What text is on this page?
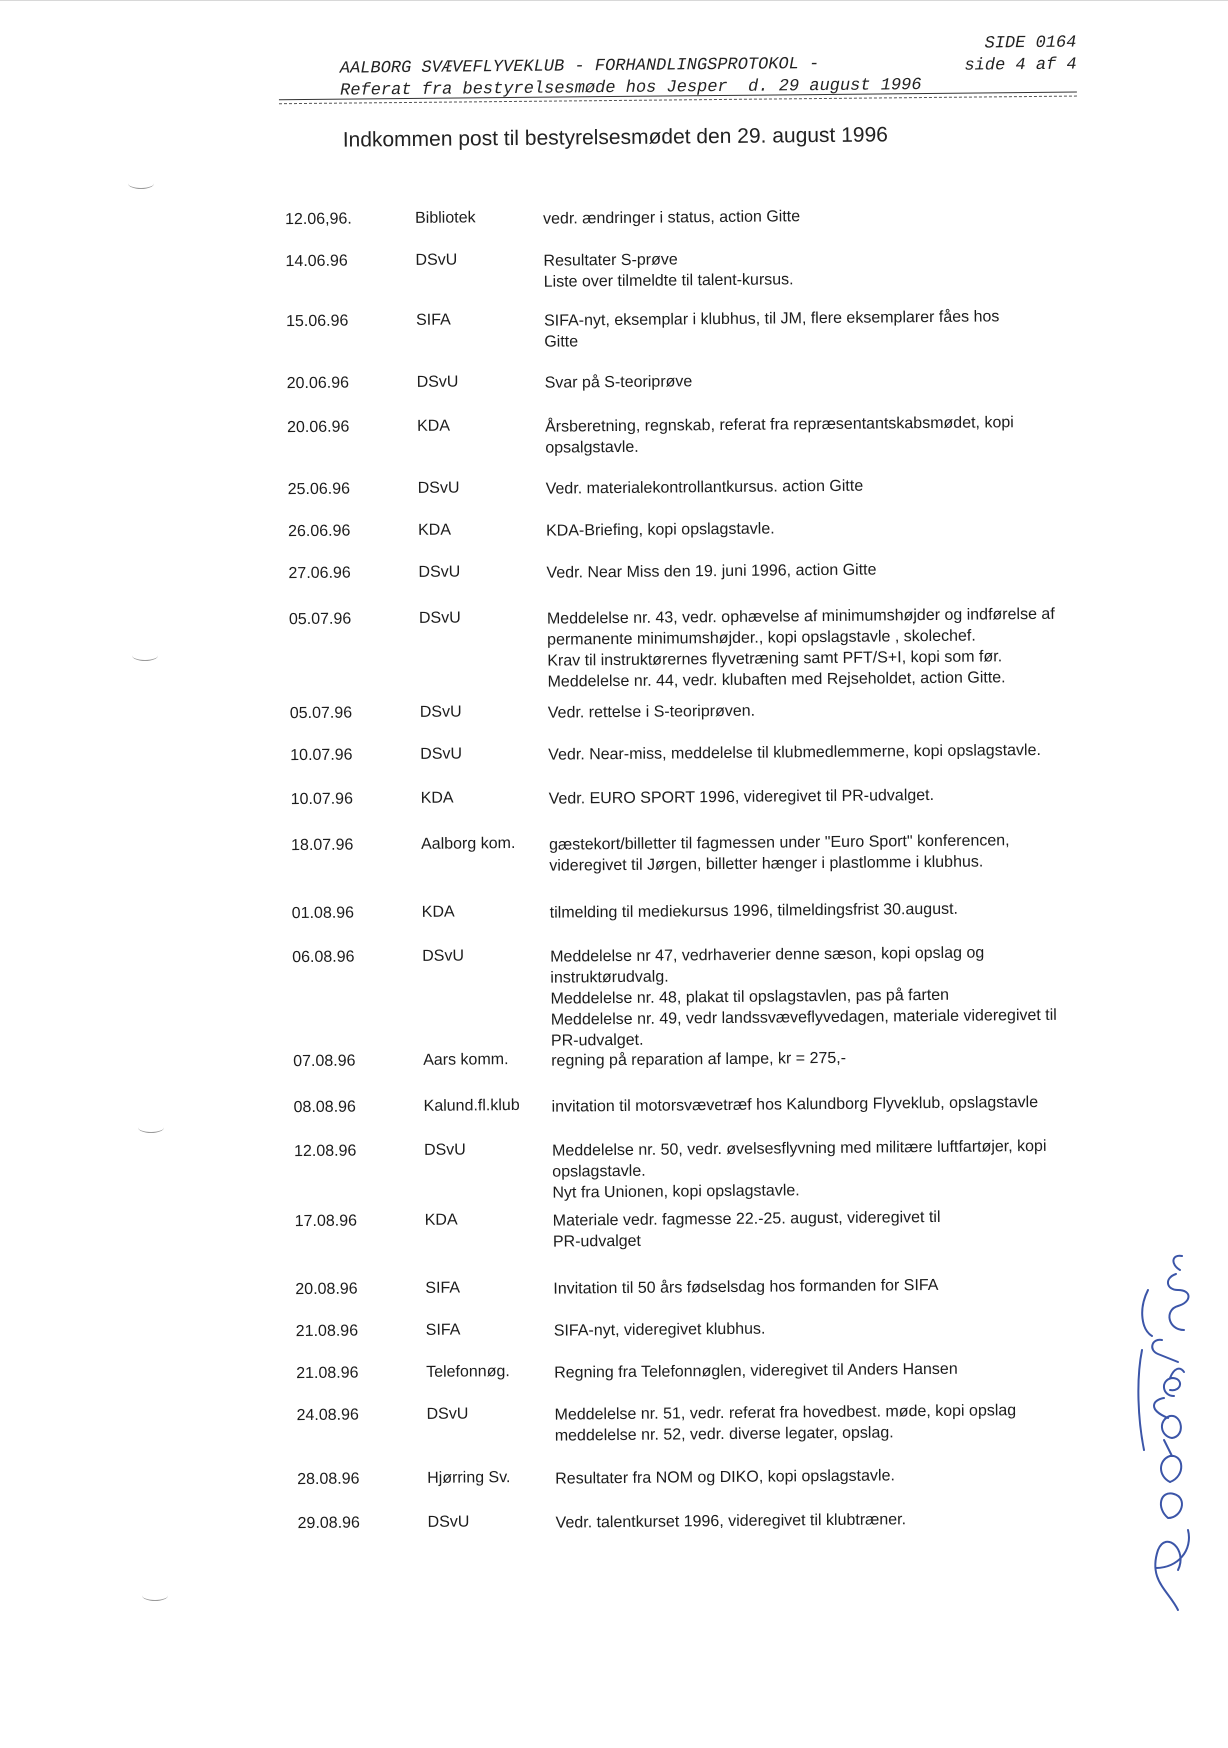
AALBORG SVÆVEFLYVEKLUB - FORHANDLINGSPROTOKOL -

SIDE 0164

Referat fra bestyrelsesmøde hos Jesper  d. 29 august 1996

side 4 af 4

Indkommen post til bestyrelsesmødet den 29. august 1996
12.06,96.	Bibliotek	vedr. ændringer i status, action Gitte
14.06.96	DSvU	Resultater S-prøve
Liste over tilmeldte til talent-kursus.
15.06.96	SIFA	SIFA-nyt, eksemplar i klubhus, til JM, flere eksemplarer fåes hos
Gitte
20.06.96	DSvU	Svar på S-teoriprøve
20.06.96	KDA	Årsberetning, regnskab, referat fra repræsentantskabsmødet, kopi
opsalgstavle.
25.06.96	DSvU	Vedr. materialekontrollantkursus. action Gitte
26.06.96	KDA	KDA-Briefing, kopi opslagstavle.
27.06.96	DSvU	Vedr. Near Miss den 19. juni 1996, action Gitte
05.07.96	DSvU	Meddelelse nr. 43, vedr. ophævelse af minimumshøjder og indførelse af
permanente minimumshøjder., kopi opslagstavle , skolechef.
Krav til instruktørernes flyvetræning samt PFT/S+I, kopi som før.
Meddelelse nr. 44, vedr. klubaften med Rejseholdet, action Gitte.
05.07.96	DSvU	Vedr. rettelse i S-teoriprøven.
10.07.96	DSvU	Vedr. Near-miss, meddelelse til klubmedlemmerne, kopi opslagstavle.
10.07.96	KDA	Vedr. EURO SPORT 1996, videregivet til PR-udvalget.
18.07.96	Aalborg kom.	gæstekort/billetter til fagmessen under "Euro Sport" konferencen,
videregivet til Jørgen, billetter hænger i plastlomme i klubhus.
01.08.96	KDA	tilmelding til mediekursus 1996, tilmeldingsfrist 30.august.
06.08.96	DSvU	Meddelelse nr 47, vedrhaverier denne sæson, kopi opslag og
instruktørudvalg.
Meddelelse nr. 48, plakat til opslagstavlen, pas på farten
Meddelelse nr. 49, vedr landssvæveflyvedagen, materiale videregivet til
PR-udvalget.
07.08.96	Aars komm.	regning på reparation af lampe, kr = 275,-
08.08.96	Kalund.fl.klub	invitation til motorsvævetræf hos Kalundborg Flyveklub, opslagstavle
12.08.96	DSvU	Meddelelse nr. 50, vedr. øvelsesflyvning med militære luftfartøjer, kopi
opslagstavle.
Nyt fra Unionen, kopi opslagstavle.
17.08.96	KDA	Materiale vedr. fagmesse 22.-25. august, videregivet til
PR-udvalget
20.08.96	SIFA	Invitation til 50 års fødselsdag hos formanden for SIFA
21.08.96	SIFA	SIFA-nyt, videregivet klubhus.
21.08.96	Telefonnøg.	Regning fra Telefonnøglen, videregivet til Anders Hansen
24.08.96	DSvU	Meddelelse nr. 51, vedr. referat fra hovedbest. møde, kopi opslag
meddelelse nr. 52, vedr. diverse legater, opslag.
28.08.96	Hjørring Sv.	Resultater fra NOM og DIKO, kopi opslagstavle.
29.08.96	DSvU	Vedr. talentkurset 1996, videregivet til klubtræner.
